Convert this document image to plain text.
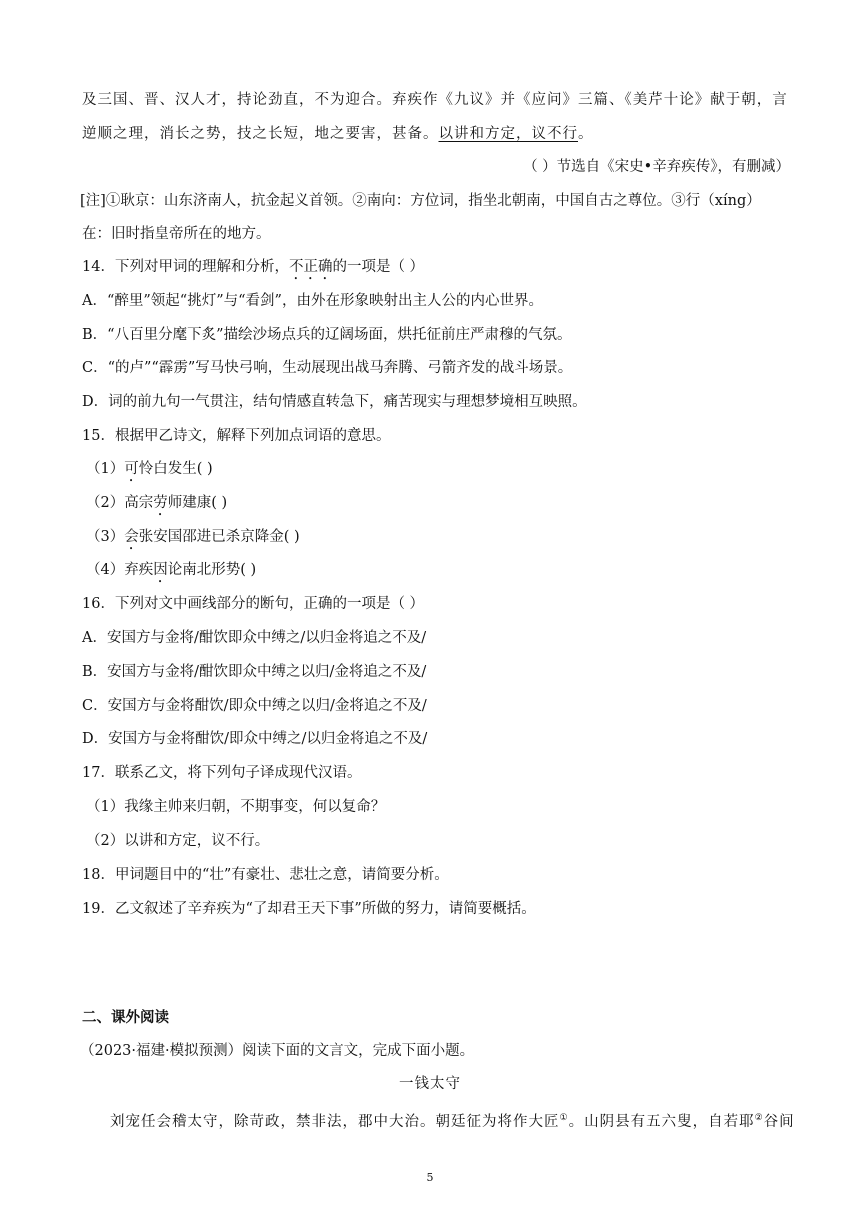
及三国、晋、汉人才，持论劲直，不为迎合。弃疾作《九议》并《应问》三篇、《美芹十论》献于朝，言
逆顺之理，消长之势，技之长短，地之要害，甚备。以讲和方定，议不行。
（ ）节选自《宋史•辛弃疾传》，有删减）
[注]①耿京：山东济南人，抗金起义首领。②南向：方位词，指坐北朝南，中国自古之尊位。③行（xíng）
在：旧时指皇帝所在的地方。
14．下列对甲词的理解和分析，不正确的一项是（ ）
A．“醉里”领起“挑灯”与“看剑”，由外在形象映射出主人公的内心世界。
B．“八百里分麾下炙”描绘沙场点兵的辽阔场面，烘托征前庄严肃穆的气氛。
C．“的卢”“霹雳”写马快弓响，生动展现出战马奔腾、弓箭齐发的战斗场景。
D．词的前九句一气贯注，结句情感直转急下，痛苦现实与理想梦境相互映照。
15．根据甲乙诗文，解释下列加点词语的意思。
（1）可怜白发生( )
（2）高宗劳师建康( )
（3）会张安国邵进已杀京降金( )
（4）弃疾因论南北形势( )
16．下列对文中画线部分的断句，正确的一项是（ ）
A．安国方与金将/酣饮即众中缚之/以归金将追之不及/
B．安国方与金将/酣饮即众中缚之以归/金将追之不及/
C．安国方与金将酣饮/即众中缚之以归/金将追之不及/
D．安国方与金将酣饮/即众中缚之/以归金将追之不及/
17．联系乙文，将下列句子译成现代汉语。
（1）我缘主帅来归朝，不期事变，何以复命？
（2）以讲和方定，议不行。
18．甲词题目中的“壮”有豪壮、悲壮之意，请简要分析。
19．乙文叙述了辛弃疾为“了却君王天下事”所做的努力，请简要概括。
二、课外阅读
（2023·福建·模拟预测）阅读下面的文言文，完成下面小题。
一钱太守
刘宠任会稽太守，除苛政，禁非法，郡中大治。朝廷征为将作大匠①。山阴县有五六叟，自若耶②谷间
5
